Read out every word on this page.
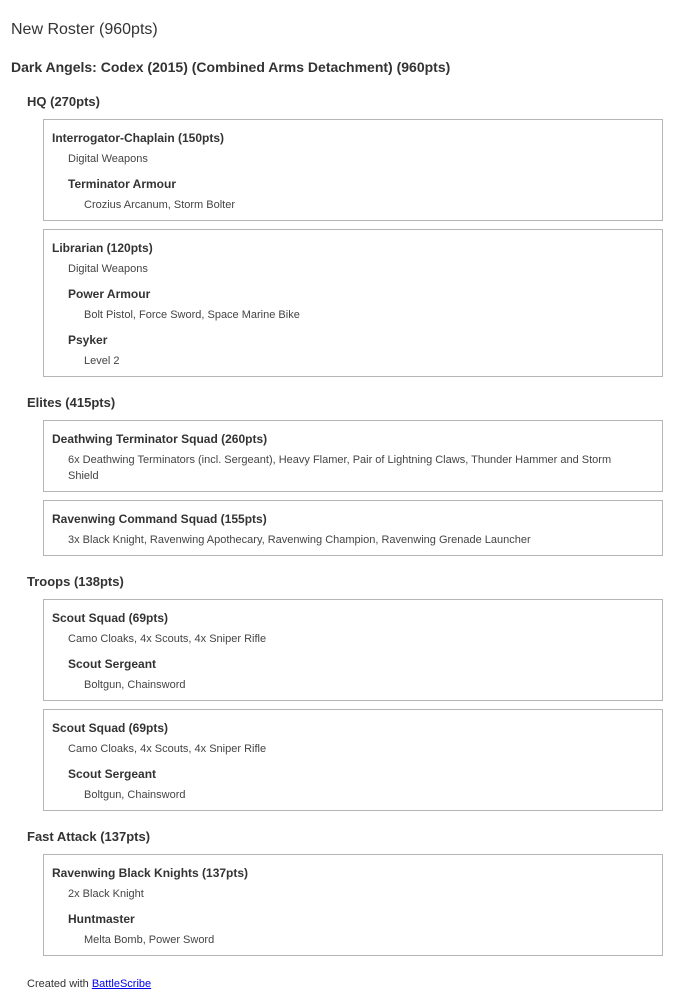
New Roster (960pts)
Dark Angels: Codex (2015) (Combined Arms Detachment) (960pts)
HQ (270pts)
Interrogator-Chaplain (150pts)
Digital Weapons
Terminator Armour
Crozius Arcanum, Storm Bolter
Librarian (120pts)
Digital Weapons
Power Armour
Bolt Pistol, Force Sword, Space Marine Bike
Psyker
Level 2
Elites (415pts)
Deathwing Terminator Squad (260pts)
6x Deathwing Terminators (incl. Sergeant), Heavy Flamer, Pair of Lightning Claws, Thunder Hammer and Storm Shield
Ravenwing Command Squad (155pts)
3x Black Knight, Ravenwing Apothecary, Ravenwing Champion, Ravenwing Grenade Launcher
Troops (138pts)
Scout Squad (69pts)
Camo Cloaks, 4x Scouts, 4x Sniper Rifle
Scout Sergeant
Boltgun, Chainsword
Scout Squad (69pts)
Camo Cloaks, 4x Scouts, 4x Sniper Rifle
Scout Sergeant
Boltgun, Chainsword
Fast Attack (137pts)
Ravenwing Black Knights (137pts)
2x Black Knight
Huntmaster
Melta Bomb, Power Sword
Created with BattleScribe
